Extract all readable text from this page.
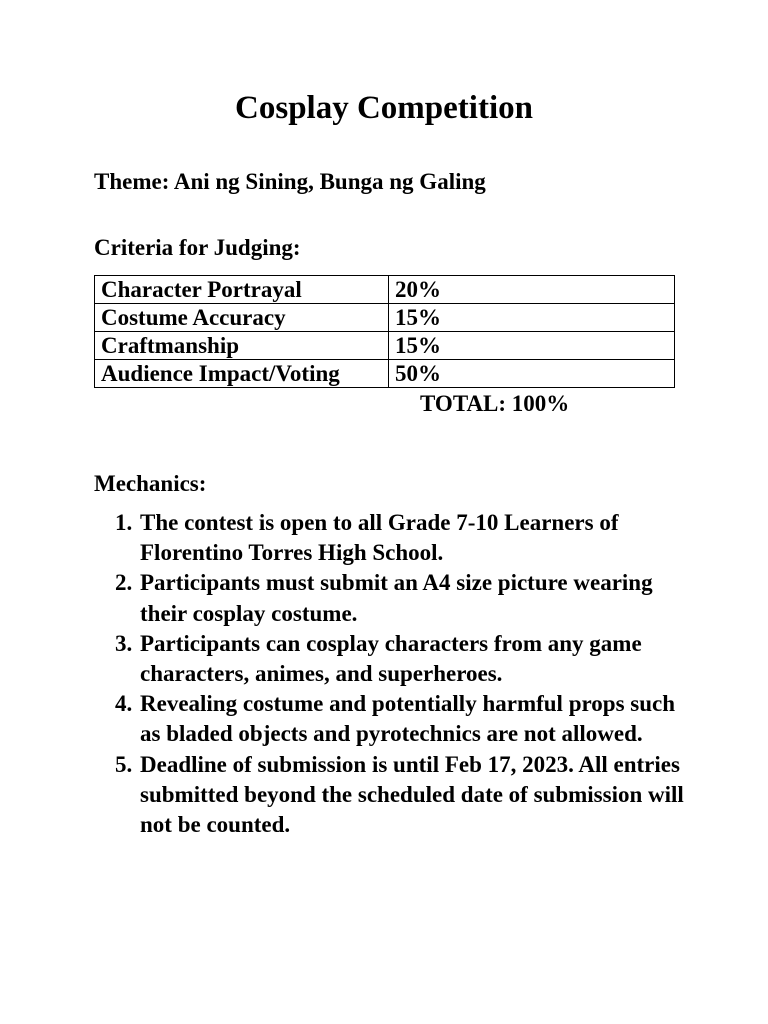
Cosplay Competition
Theme: Ani ng Sining, Bunga ng Galing
Criteria for Judging:
Character Portrayal	20%
Costume Accuracy	15%
Craftmanship	15%
Audience Impact/Voting	50%
TOTAL: 100%
Mechanics:
1. The contest is open to all Grade 7-10 Learners of Florentino Torres High School.
2. Participants must submit an A4 size picture wearing their cosplay costume.
3. Participants can cosplay characters from any game characters, animes, and superheroes.
4. Revealing costume and potentially harmful props such as bladed objects and pyrotechnics are not allowed.
5. Deadline of submission is until Feb 17, 2023. All entries submitted beyond the scheduled date of submission will not be counted.
